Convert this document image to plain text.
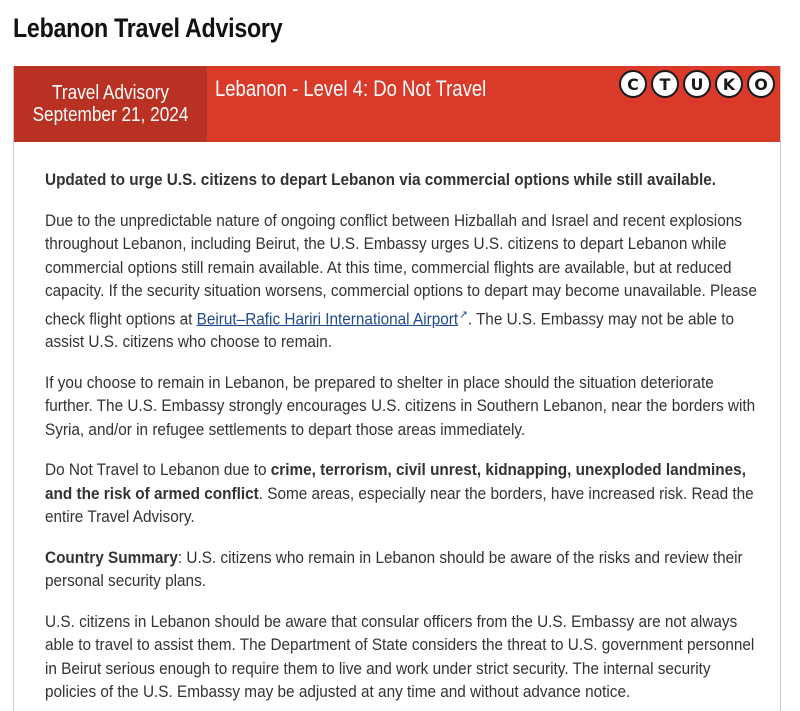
Lebanon Travel Advisory
Travel Advisory
September 21, 2024
Lebanon - Level 4: Do Not Travel	C	T	U	K	O

Updated to urge U.S. citizens to depart Lebanon via commercial options while still available.

Due to the unpredictable nature of ongoing conflict between Hizballah and Israel and recent explosions throughout Lebanon, including Beirut, the U.S. Embassy urges U.S. citizens to depart Lebanon while commercial options still remain available. At this time, commercial flights are available, but at reduced capacity. If the security situation worsens, commercial options to depart may become unavailable. Please check flight options at Beirut–Rafic Hariri International Airport↗. The U.S. Embassy may not be able to assist U.S. citizens who choose to remain.

If you choose to remain in Lebanon, be prepared to shelter in place should the situation deteriorate further. The U.S. Embassy strongly encourages U.S. citizens in Southern Lebanon, near the borders with Syria, and/or in refugee settlements to depart those areas immediately.

Do Not Travel to Lebanon due to crime, terrorism, civil unrest, kidnapping, unexploded landmines, and the risk of armed conflict. Some areas, especially near the borders, have increased risk. Read the entire Travel Advisory.

Country Summary: U.S. citizens who remain in Lebanon should be aware of the risks and review their personal security plans.

U.S. citizens in Lebanon should be aware that consular officers from the U.S. Embassy are not always able to travel to assist them. The Department of State considers the threat to U.S. government personnel in Beirut serious enough to require them to live and work under strict security. The internal security policies of the U.S. Embassy may be adjusted at any time and without advance notice.
